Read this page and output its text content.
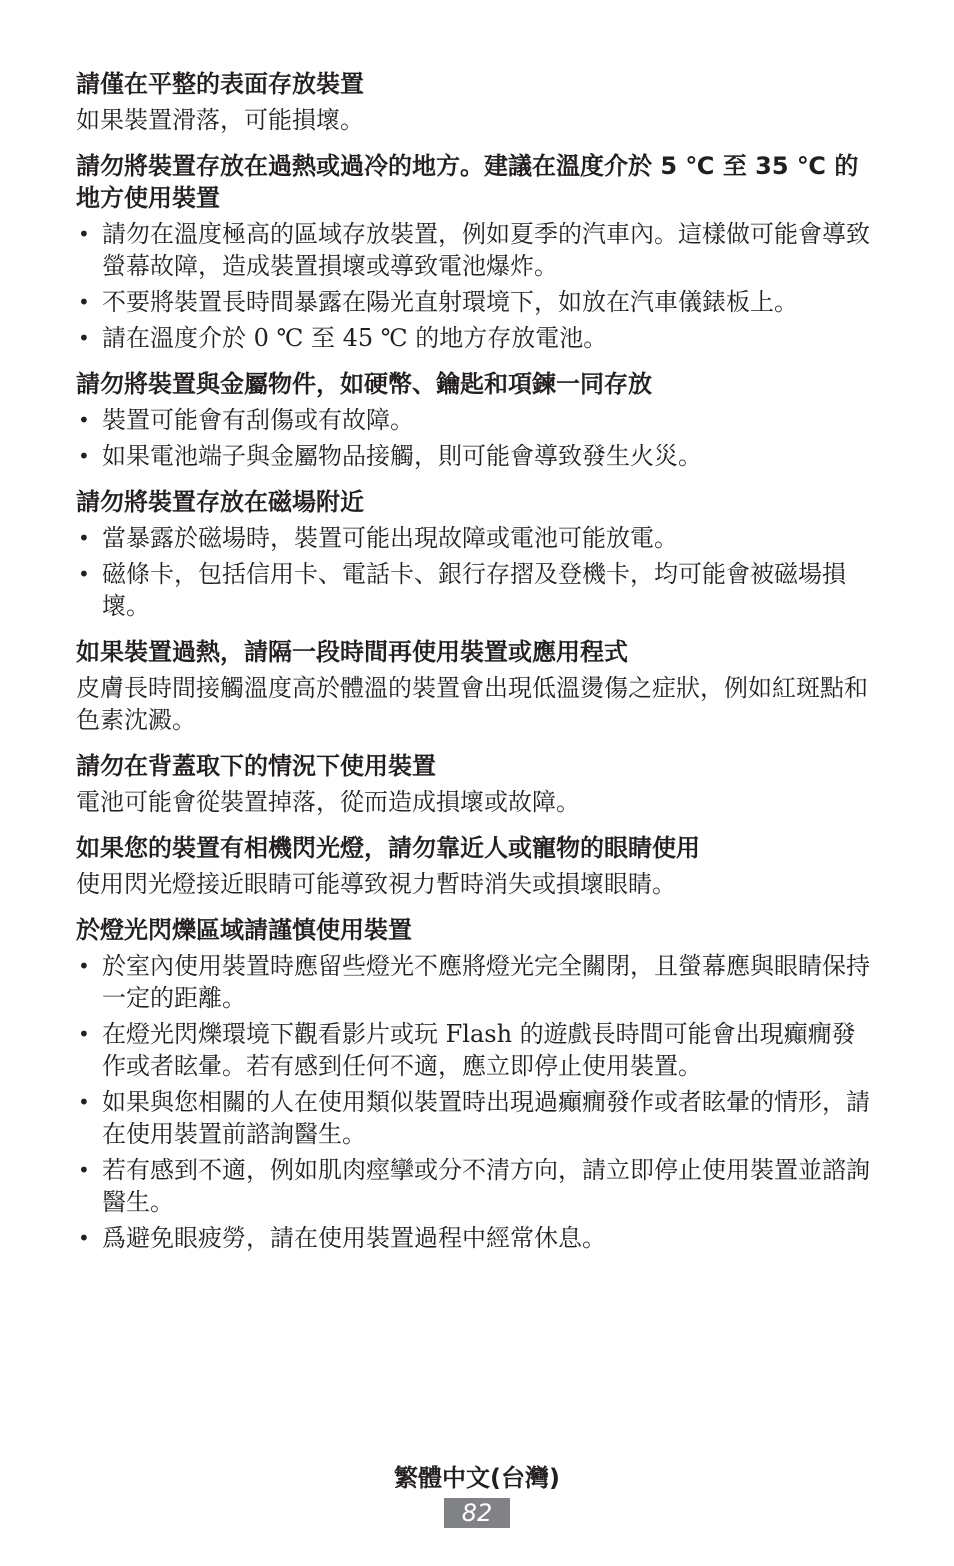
請僅在平整的表面存放裝置

如果裝置滑落，可能損壞。

請勿將裝置存放在過熱或過冷的地方。建議在溫度介於 5 ℃ 至 35 ℃ 的地方使用裝置
• 請勿在溫度極高的區域存放裝置，例如夏季的汽車內。這樣做可能會導致螢幕故障，造成裝置損壞或導致電池爆炸。
• 不要將裝置長時間暴露在陽光直射環境下，如放在汽車儀錶板上。
• 請在溫度介於 0 ℃ 至 45 ℃ 的地方存放電池。
請勿將裝置與金屬物件，如硬幣、鑰匙和項鍊一同存放
• 裝置可能會有刮傷或有故障。
• 如果電池端子與金屬物品接觸，則可能會導致發生火災。
請勿將裝置存放在磁場附近
• 當暴露於磁場時，裝置可能出現故障或電池可能放電。
• 磁條卡，包括信用卡、電話卡、銀行存摺及登機卡，均可能會被磁場損壞。
如果裝置過熱，請隔一段時間再使用裝置或應用程式

皮膚長時間接觸溫度高於體溫的裝置會出現低溫燙傷之症狀，例如紅斑點和色素沈澱。

請勿在背蓋取下的情況下使用裝置

電池可能會從裝置掉落，從而造成損壞或故障。

如果您的裝置有相機閃光燈，請勿靠近人或寵物的眼睛使用

使用閃光燈接近眼睛可能導致視力暫時消失或損壞眼睛。

於燈光閃爍區域請謹慎使用裝置
• 於室內使用裝置時應留些燈光不應將燈光完全關閉，且螢幕應與眼睛保持一定的距離。
• 在燈光閃爍環境下觀看影片或玩 Flash 的遊戲長時間可能會出現癲癇發作或者眩暈。若有感到任何不適，應立即停止使用裝置。
• 如果與您相關的人在使用類似裝置時出現過癲癇發作或者眩暈的情形，請在使用裝置前諮詢醫生。
• 若有感到不適，例如肌肉痙攣或分不清方向，請立即停止使用裝置並諮詢醫生。
• 爲避免眼疲勞，請在使用裝置過程中經常休息。
繁體中文(台灣)
82
